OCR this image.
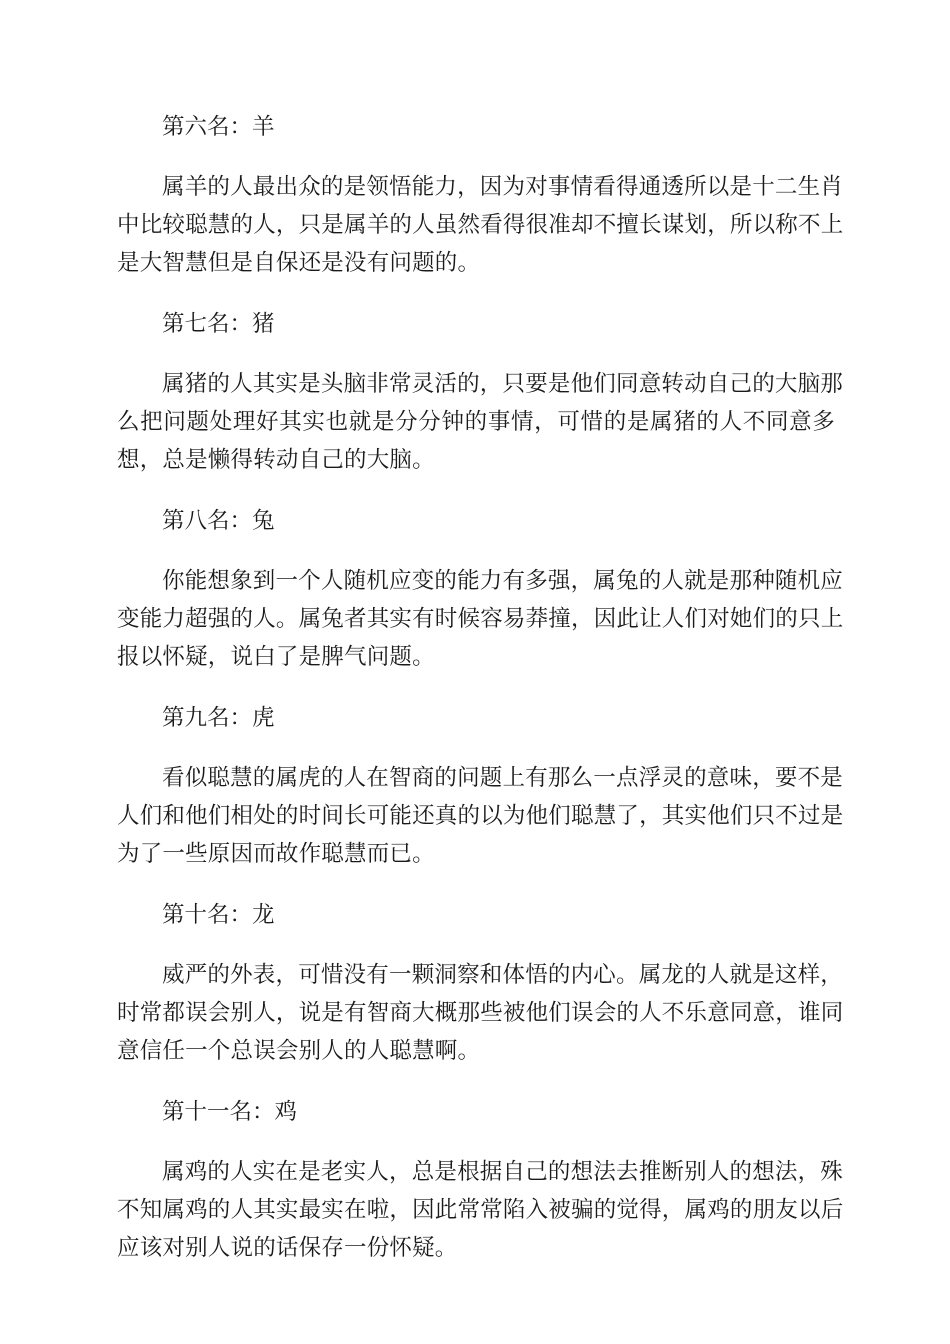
第六名：羊
属羊的人最出众的是领悟能力，因为对事情看得通透所以是十二生肖
中比较聪慧的人，只是属羊的人虽然看得很准却不擅长谋划，所以称不上
是大智慧但是自保还是没有问题的。
第七名：猪
属猪的人其实是头脑非常灵活的，只要是他们同意转动自己的大脑那
么把问题处理好其实也就是分分钟的事情，可惜的是属猪的人不同意多
想，总是懒得转动自己的大脑。
第八名：兔
你能想象到一个人随机应变的能力有多强，属兔的人就是那种随机应
变能力超强的人。属兔者其实有时候容易莽撞，因此让人们对她们的只上
报以怀疑，说白了是脾气问题。
第九名：虎
看似聪慧的属虎的人在智商的问题上有那么一点浮灵的意味，要不是
人们和他们相处的时间长可能还真的以为他们聪慧了，其实他们只不过是
为了一些原因而故作聪慧而已。
第十名：龙
威严的外表，可惜没有一颗洞察和体悟的内心。属龙的人就是这样，
时常都误会别人，说是有智商大概那些被他们误会的人不乐意同意，谁同
意信任一个总误会别人的人聪慧啊。
第十一名：鸡
属鸡的人实在是老实人，总是根据自己的想法去推断别人的想法，殊
不知属鸡的人其实最实在啦，因此常常陷入被骗的觉得，属鸡的朋友以后
应该对别人说的话保存一份怀疑。
